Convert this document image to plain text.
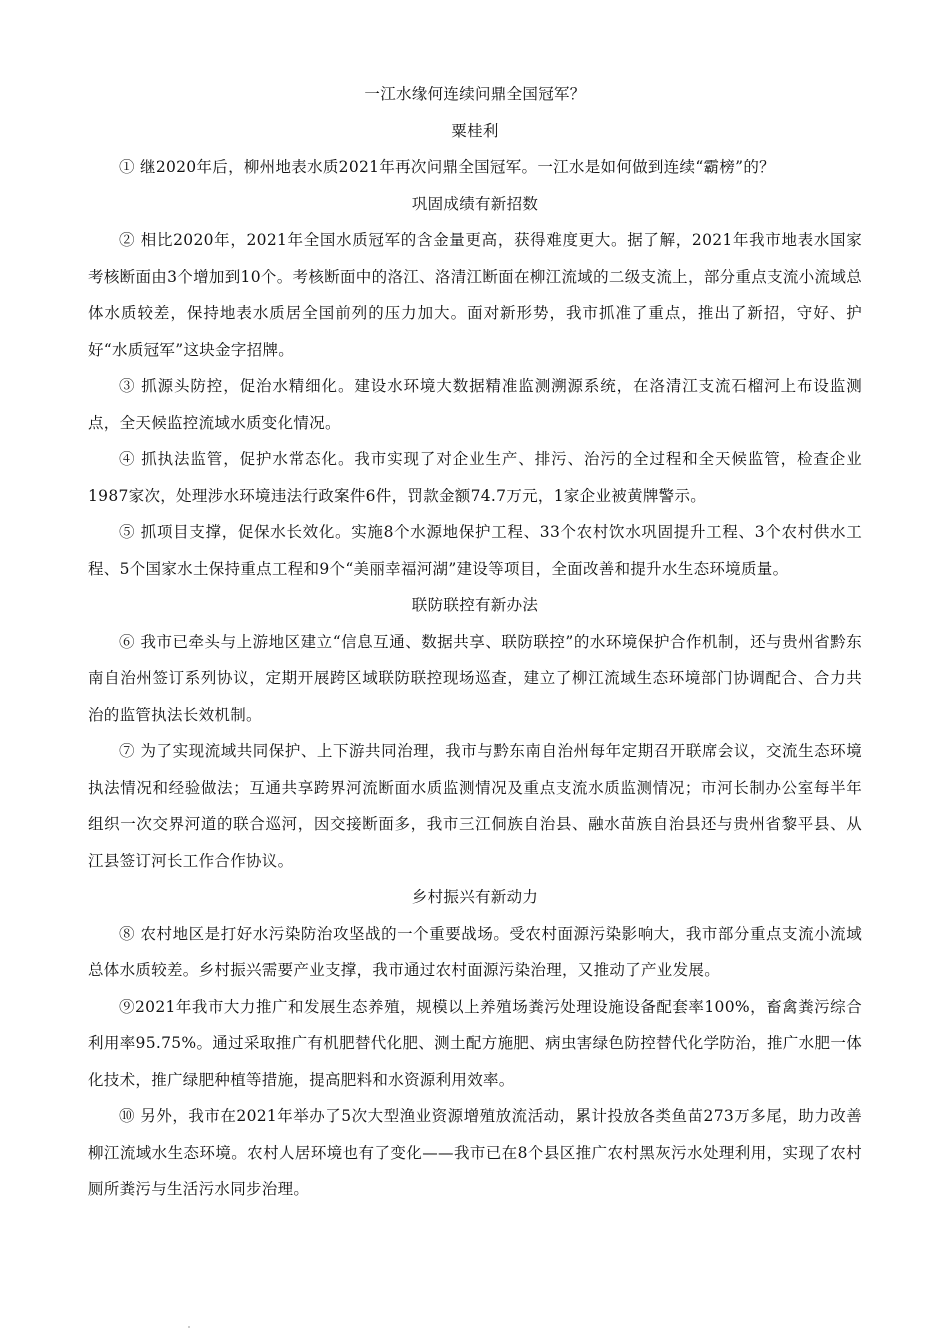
一江水缘何连续问鼎全国冠军？
粟桂利

① 继2020年后，柳州地表水质2021年再次问鼎全国冠军。一江水是如何做到连续“霸榜”的？

巩固成绩有新招数

② 相比2020年，2021年全国水质冠军的含金量更高，获得难度更大。据了解，2021年我市地表水国家考核断面由3个增加到10个。考核断面中的洛江、洛清江断面在柳江流域的二级支流上，部分重点支流小流域总体水质较差，保持地表水质居全国前列的压力加大。面对新形势，我市抓准了重点，推出了新招，守好、护好“水质冠军”这块金字招牌。

③ 抓源头防控，促治水精细化。建设水环境大数据精准监测溯源系统，在洛清江支流石榴河上布设监测点，全天候监控流域水质变化情况。

④ 抓执法监管，促护水常态化。我市实现了对企业生产、排污、治污的全过程和全天候监管，检查企业1987家次，处理涉水环境违法行政案件6件，罚款金额74.7万元，1家企业被黄牌警示。

⑤ 抓项目支撑，促保水长效化。实施8个水源地保护工程、33个农村饮水巩固提升工程、3个农村供水工程、5个国家水土保持重点工程和9个“美丽幸福河湖”建设等项目，全面改善和提升水生态环境质量。

联防联控有新办法

⑥ 我市已牵头与上游地区建立“信息互通、数据共享、联防联控”的水环境保护合作机制，还与贵州省黔东南自治州签订系列协议，定期开展跨区域联防联控现场巡查，建立了柳江流域生态环境部门协调配合、合力共治的监管执法长效机制。

⑦ 为了实现流域共同保护、上下游共同治理，我市与黔东南自治州每年定期召开联席会议，交流生态环境执法情况和经验做法；互通共享跨界河流断面水质监测情况及重点支流水质监测情况；市河长制办公室每半年组织一次交界河道的联合巡河，因交接断面多，我市三江侗族自治县、融水苗族自治县还与贵州省黎平县、从江县签订河长工作合作协议。

乡村振兴有新动力

⑧ 农村地区是打好水污染防治攻坚战的一个重要战场。受农村面源污染影响大，我市部分重点支流小流域总体水质较差。乡村振兴需要产业支撑，我市通过农村面源污染治理，又推动了产业发展。

⑨2021年我市大力推广和发展生态养殖，规模以上养殖场粪污处理设施设备配套率100%，畜禽粪污综合利用率95.75%。通过采取推广有机肥替代化肥、测土配方施肥、病虫害绿色防控替代化学防治，推广水肥一体化技术，推广绿肥种植等措施，提高肥料和水资源利用效率。

⑩ 另外，我市在2021年举办了5次大型渔业资源增殖放流活动，累计投放各类鱼苗273万多尾，助力改善柳江流域水生态环境。农村人居环境也有了变化——我市已在8个县区推广农村黑灰污水处理利用，实现了农村厕所粪污与生活污水同步治理。
